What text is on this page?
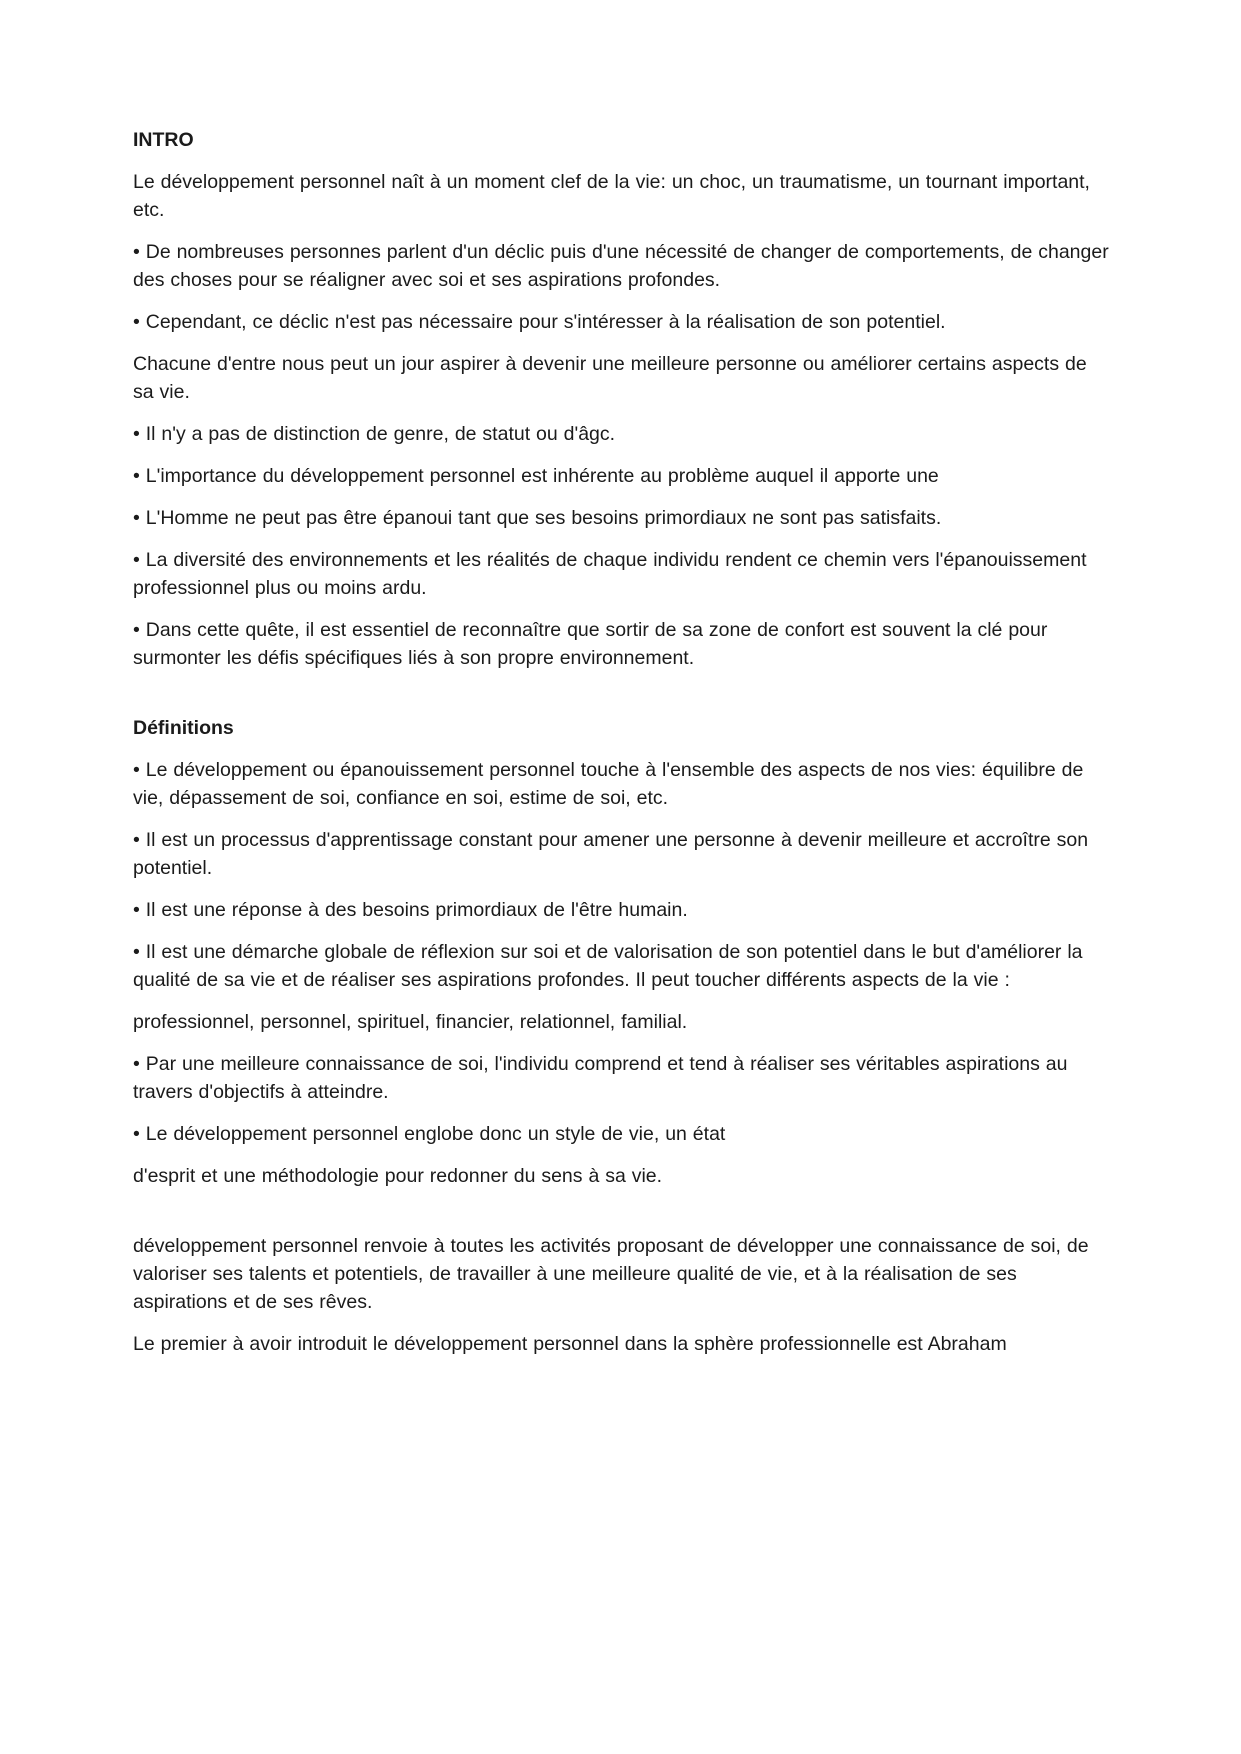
INTRO

Le développement personnel naît à un moment clef de la vie: un choc, un traumatisme, un tournant important, etc.

• De nombreuses personnes parlent d'un déclic puis d'une nécessité de changer de comportements, de changer des choses pour se réaligner avec soi et ses aspirations profondes.

• Cependant, ce déclic n'est pas nécessaire pour s'intéresser à la réalisation de son potentiel.

Chacune d'entre nous peut un jour aspirer à devenir une meilleure personne ou améliorer certains aspects de sa vie.

• Il n'y a pas de distinction de genre, de statut ou d'âgc.

• L'importance du développement personnel est inhérente au problème auquel il apporte une

• L'Homme ne peut pas être épanoui tant que ses besoins primordiaux ne sont pas satisfaits.

• La diversité des environnements et les réalités de chaque individu rendent ce chemin vers l'épanouissement professionnel plus ou moins ardu.

• Dans cette quête, il est essentiel de reconnaître que sortir de sa zone de confort est souvent la clé pour surmonter les défis spécifiques liés à son propre environnement.

Définitions

• Le développement ou épanouissement personnel touche à l'ensemble des aspects de nos vies: équilibre de vie, dépassement de soi, confiance en soi, estime de soi, etc.

• Il est un processus d'apprentissage constant pour amener une personne à devenir meilleure et accroître son potentiel.

• Il est une réponse à des besoins primordiaux de l'être humain.

• Il est une démarche globale de réflexion sur soi et de valorisation de son potentiel dans le but d'améliorer la qualité de sa vie et de réaliser ses aspirations profondes. Il peut toucher différents aspects de la vie :

professionnel, personnel, spirituel, financier, relationnel, familial.

• Par une meilleure connaissance de soi, l'individu comprend et tend à réaliser ses véritables aspirations au travers d'objectifs à atteindre.

• Le développement personnel englobe donc un style de vie, un état

d'esprit et une méthodologie pour redonner du sens à sa vie.

développement personnel renvoie à toutes les activités proposant de développer une connaissance de soi, de valoriser ses talents et potentiels, de travailler à une meilleure qualité de vie, et à la réalisation de ses aspirations et de ses rêves.

Le premier à avoir introduit le développement personnel dans la sphère professionnelle est Abraham
